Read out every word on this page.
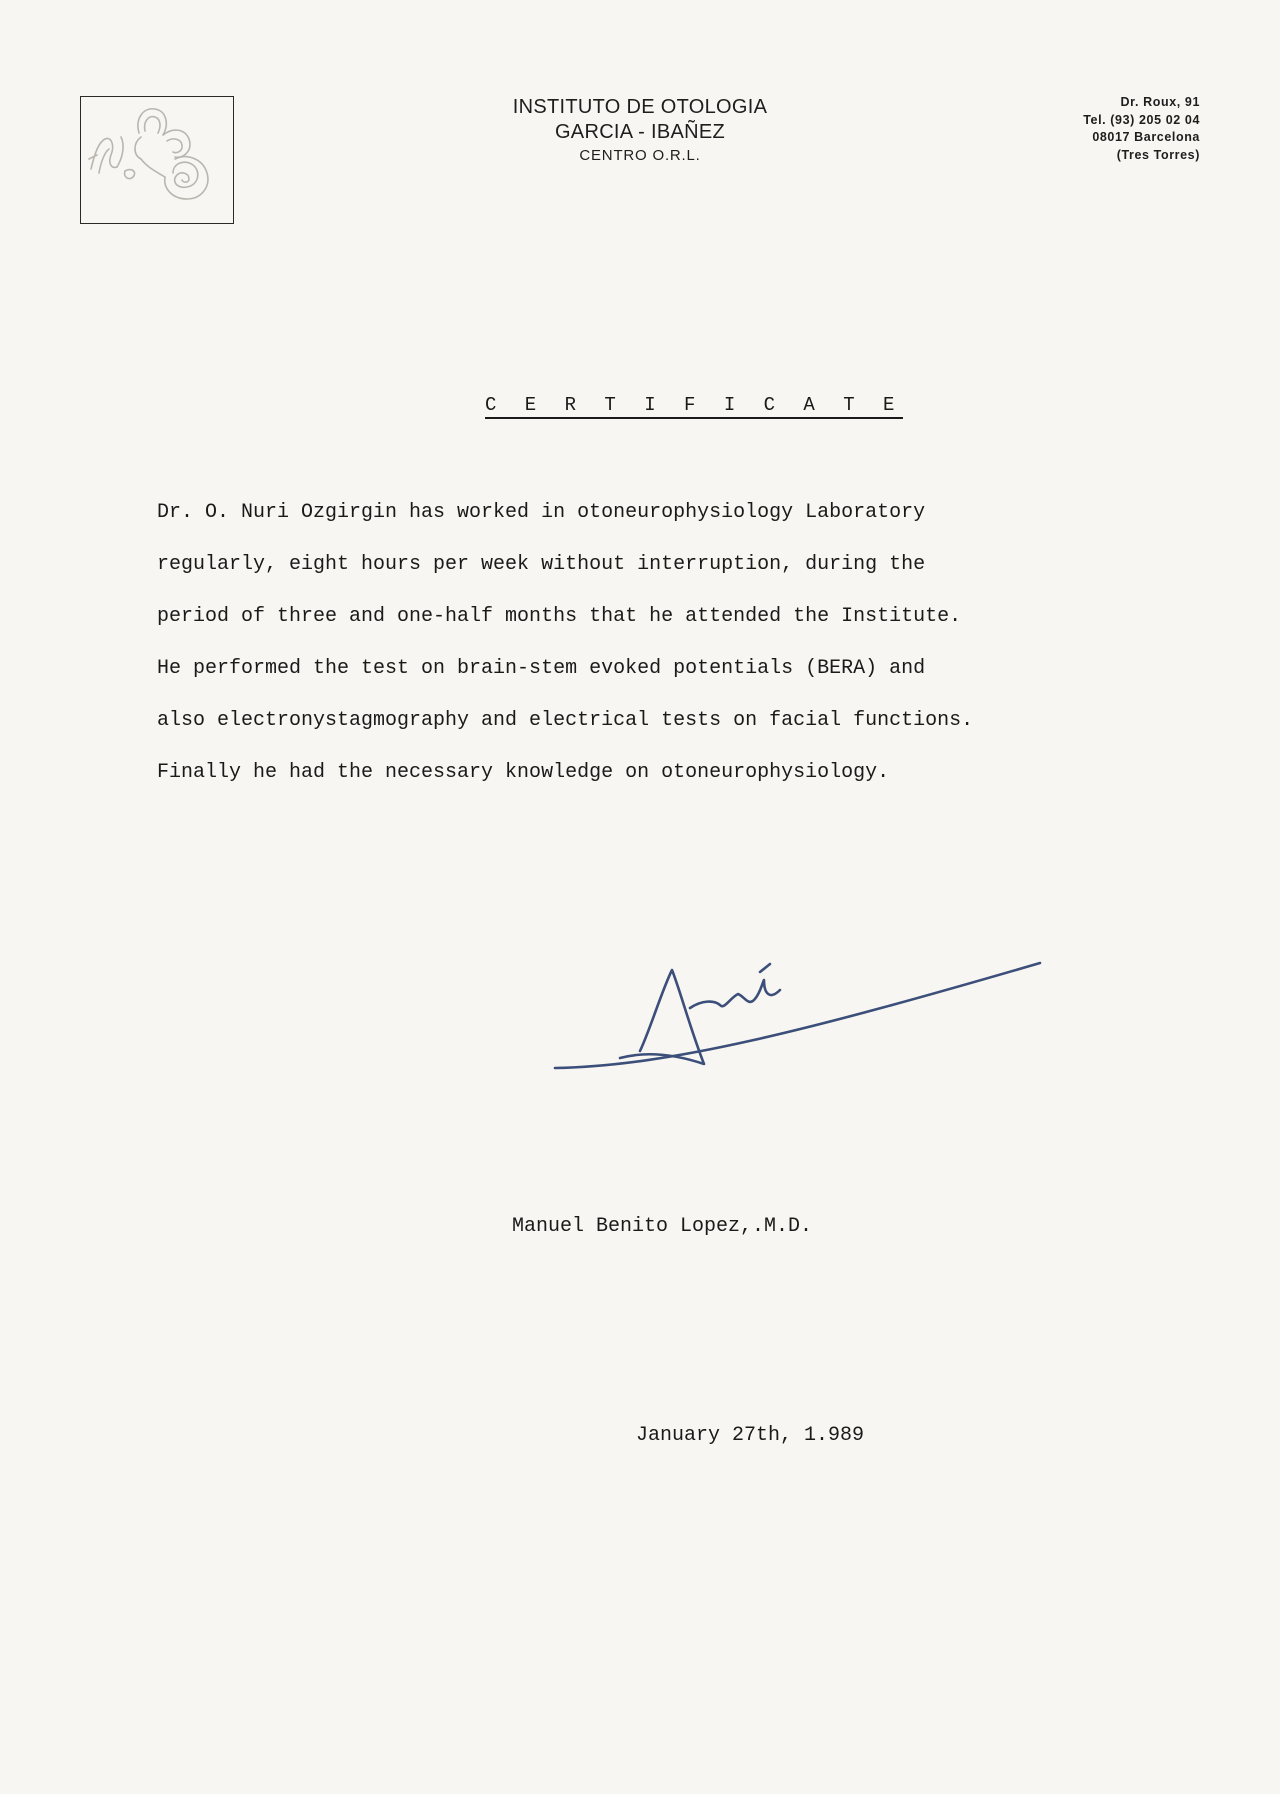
INSTITUTO DE OTOLOGIA
GARCIA - IBAÑEZ
CENTRO O.R.L.
Dr. Roux, 91
Tel. (93) 205 02 04
08017 Barcelona
(Tres Torres)
C E R T I F I C A T E
Dr. O. Nuri Ozgirgin has worked in otoneurophysiology Laboratory
regularly, eight hours per week without interruption, during the
period of three and one-half months that he attended the Institute.
He performed the test on brain-stem evoked potentials (BERA) and
also electronystagmography and electrical tests on facial functions.
Finally he had the necessary knowledge on otoneurophysiology.
Manuel Benito Lopez,.M.D.
January 27th, 1.989
